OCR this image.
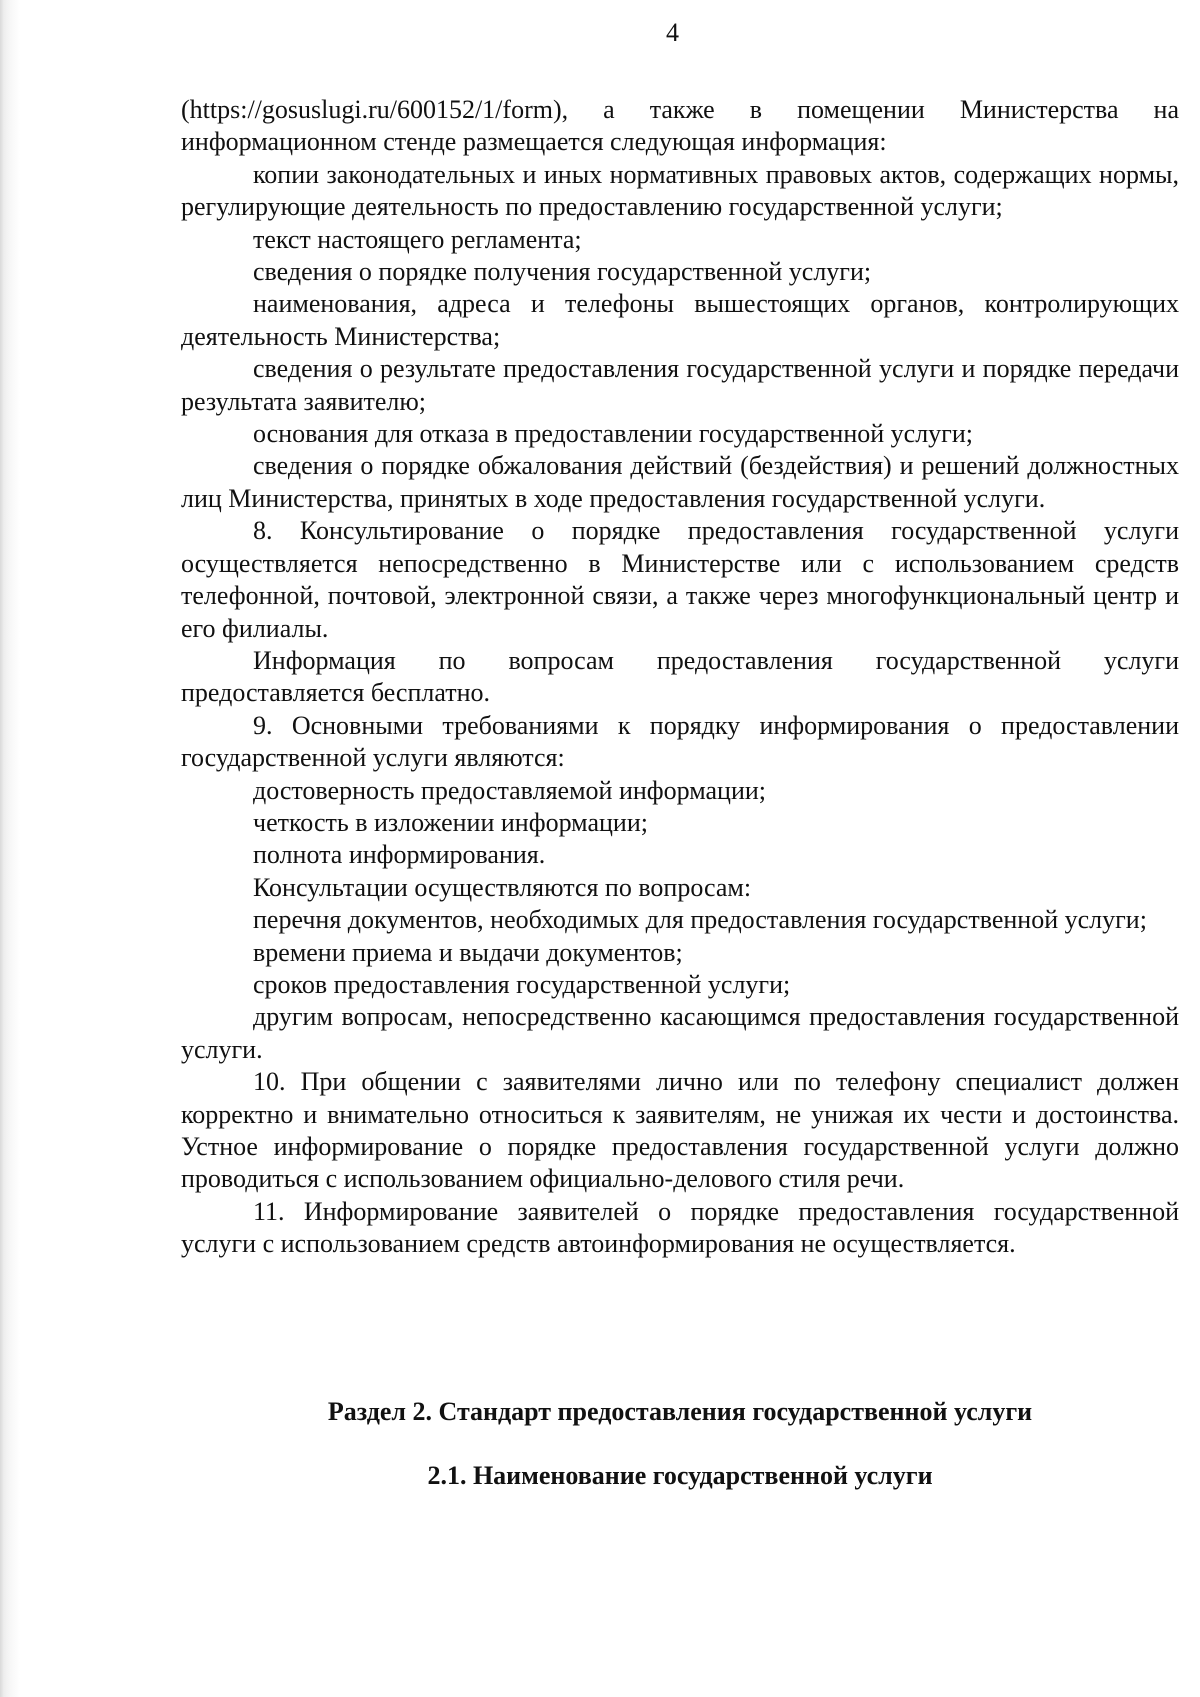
4

(https://gosuslugi.ru/600152/1/form), а также в помещении Министерства на информационном стенде размещается следующая информация:

копии законодательных и иных нормативных правовых актов, содержащих нормы, регулирующие деятельность по предоставлению государственной услуги;

текст настоящего регламента;

сведения о порядке получения государственной услуги;

наименования, адреса и телефоны вышестоящих органов, контролирующих деятельность Министерства;

сведения о результате предоставления государственной услуги и порядке передачи результата заявителю;

основания для отказа в предоставлении государственной услуги;

сведения о порядке обжалования действий (бездействия) и решений должностных лиц Министерства, принятых в ходе предоставления государственной услуги.

8. Консультирование о порядке предоставления государственной услуги осуществляется непосредственно в Министерстве или с использованием средств телефонной, почтовой, электронной связи, а также через многофункциональный центр и его филиалы.

Информация по вопросам предоставления государственной услуги предоставляется бесплатно.

9. Основными требованиями к порядку информирования о предоставлении государственной услуги являются:

достоверность предоставляемой информации;

четкость в изложении информации;

полнота информирования.

Консультации осуществляются по вопросам:

перечня документов, необходимых для предоставления государственной услуги;

времени приема и выдачи документов;

сроков предоставления государственной услуги;

другим вопросам, непосредственно касающимся предоставления государственной услуги.

10. При общении с заявителями лично или по телефону специалист должен корректно и внимательно относиться к заявителям, не унижая их чести и достоинства. Устное информирование о порядке предоставления государственной услуги должно проводиться с использованием официально-делового стиля речи.

11. Информирование заявителей о порядке предоставления государственной услуги с использованием средств автоинформирования не осуществляется.

Раздел 2. Стандарт предоставления государственной услуги
2.1. Наименование государственной услуги
